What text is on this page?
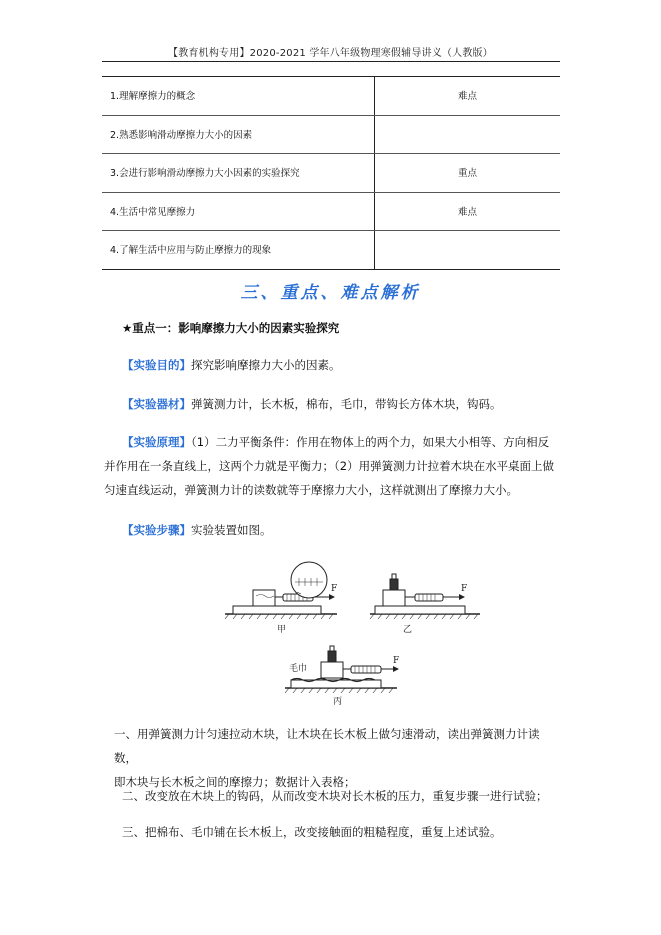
【教育机构专用】2020-2021 学年八年级物理寒假辅导讲义（人教版）
1.理解摩擦力的概念	难点
2.熟悉影响滑动摩擦力大小的因素
3.会进行影响滑动摩擦力大小因素的实验探究	重点
4.生活中常见摩擦力	难点
4.了解生活中应用与防止摩擦力的现象
三、重点、难点解析
★重点一：影响摩擦力大小的因素实验探究
【实验目的】探究影响摩擦力大小的因素。
【实验器材】弹簧测力计，长木板，棉布，毛巾，带钩长方体木块，钩码。
【实验原理】（1）二力平衡条件：作用在物体上的两个力，如果大小相等、方向相反
并作用在一条直线上，这两个力就是平衡力；（2）用弹簧测力计拉着木块在水平桌面上做
匀速直线运动，弹簧测力计的读数就等于摩擦力大小，这样就测出了摩擦力大小。
【实验步骤】实验装置如图。
F
甲
F
乙
F
毛巾
丙
一、用弹簧测力计匀速拉动木块，让木块在长木板上做匀速滑动，读出弹簧测力计读数，
即木块与长木板之间的摩擦力；数据计入表格；
二、改变放在木块上的钩码，从而改变木块对长木板的压力，重复步骤一进行试验；
三、把棉布、毛巾铺在长木板上，改变接触面的粗糙程度，重复上述试验。
